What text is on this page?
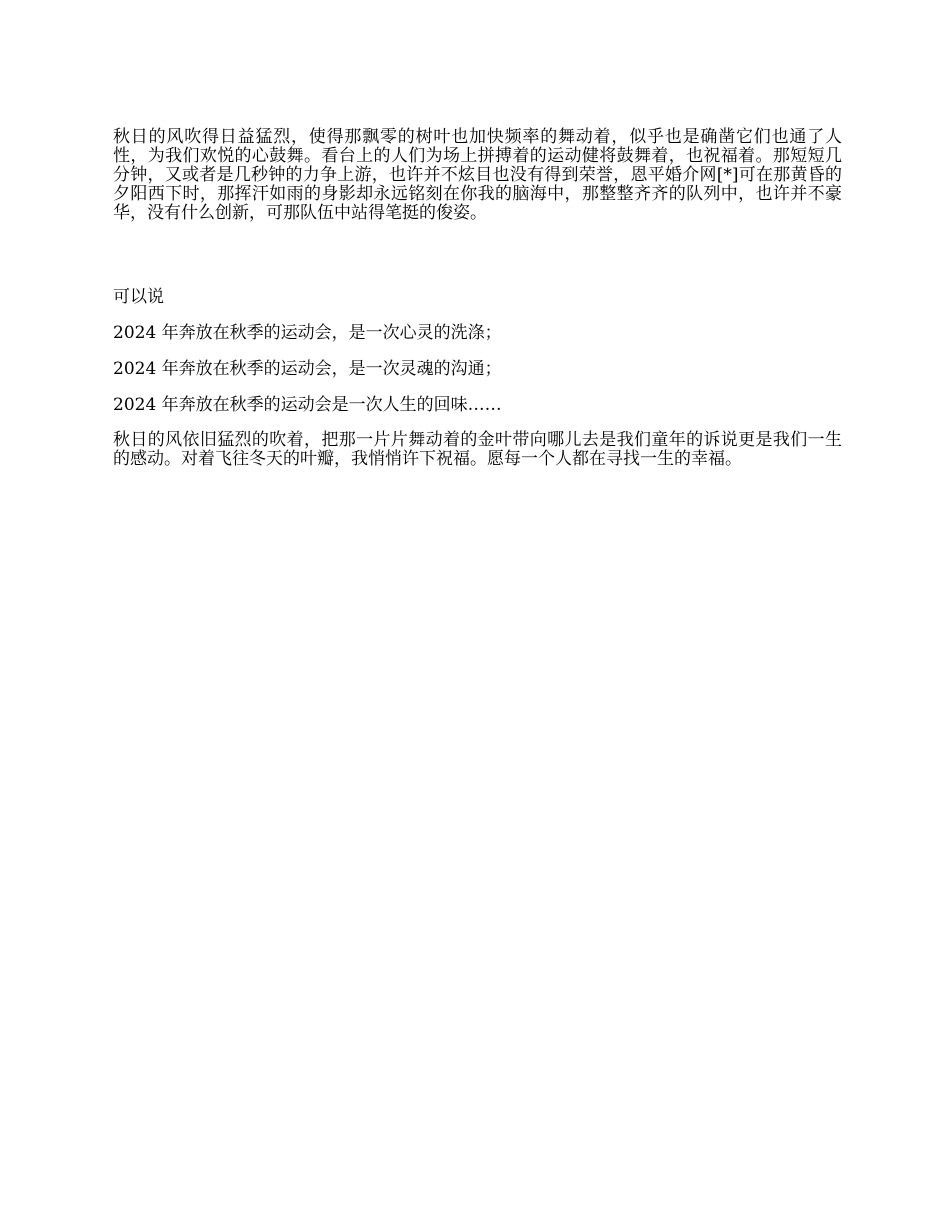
秋日的风吹得日益猛烈，使得那飘零的树叶也加快频率的舞动着，似乎也是确凿它们也通了人性，为我们欢悦的心鼓舞。看台上的人们为场上拼搏着的运动健将鼓舞着，也祝福着。那短短几分钟，又或者是几秒钟的力争上游，也许并不炫目也没有得到荣誉，恩平婚介网[*]可在那黄昏的夕阳西下时，那挥汗如雨的身影却永远铭刻在你我的脑海中，那整整齐齐的队列中，也许并不豪华，没有什么创新，可那队伍中站得笔挺的俊姿。

可以说

2024 年奔放在秋季的运动会，是一次心灵的洗涤；

2024 年奔放在秋季的运动会，是一次灵魂的沟通；

2024 年奔放在秋季的运动会是一次人生的回味……

秋日的风依旧猛烈的吹着，把那一片片舞动着的金叶带向哪儿去是我们童年的诉说更是我们一生的感动。对着飞往冬天的叶瓣，我悄悄许下祝福。愿每一个人都在寻找一生的幸福。
